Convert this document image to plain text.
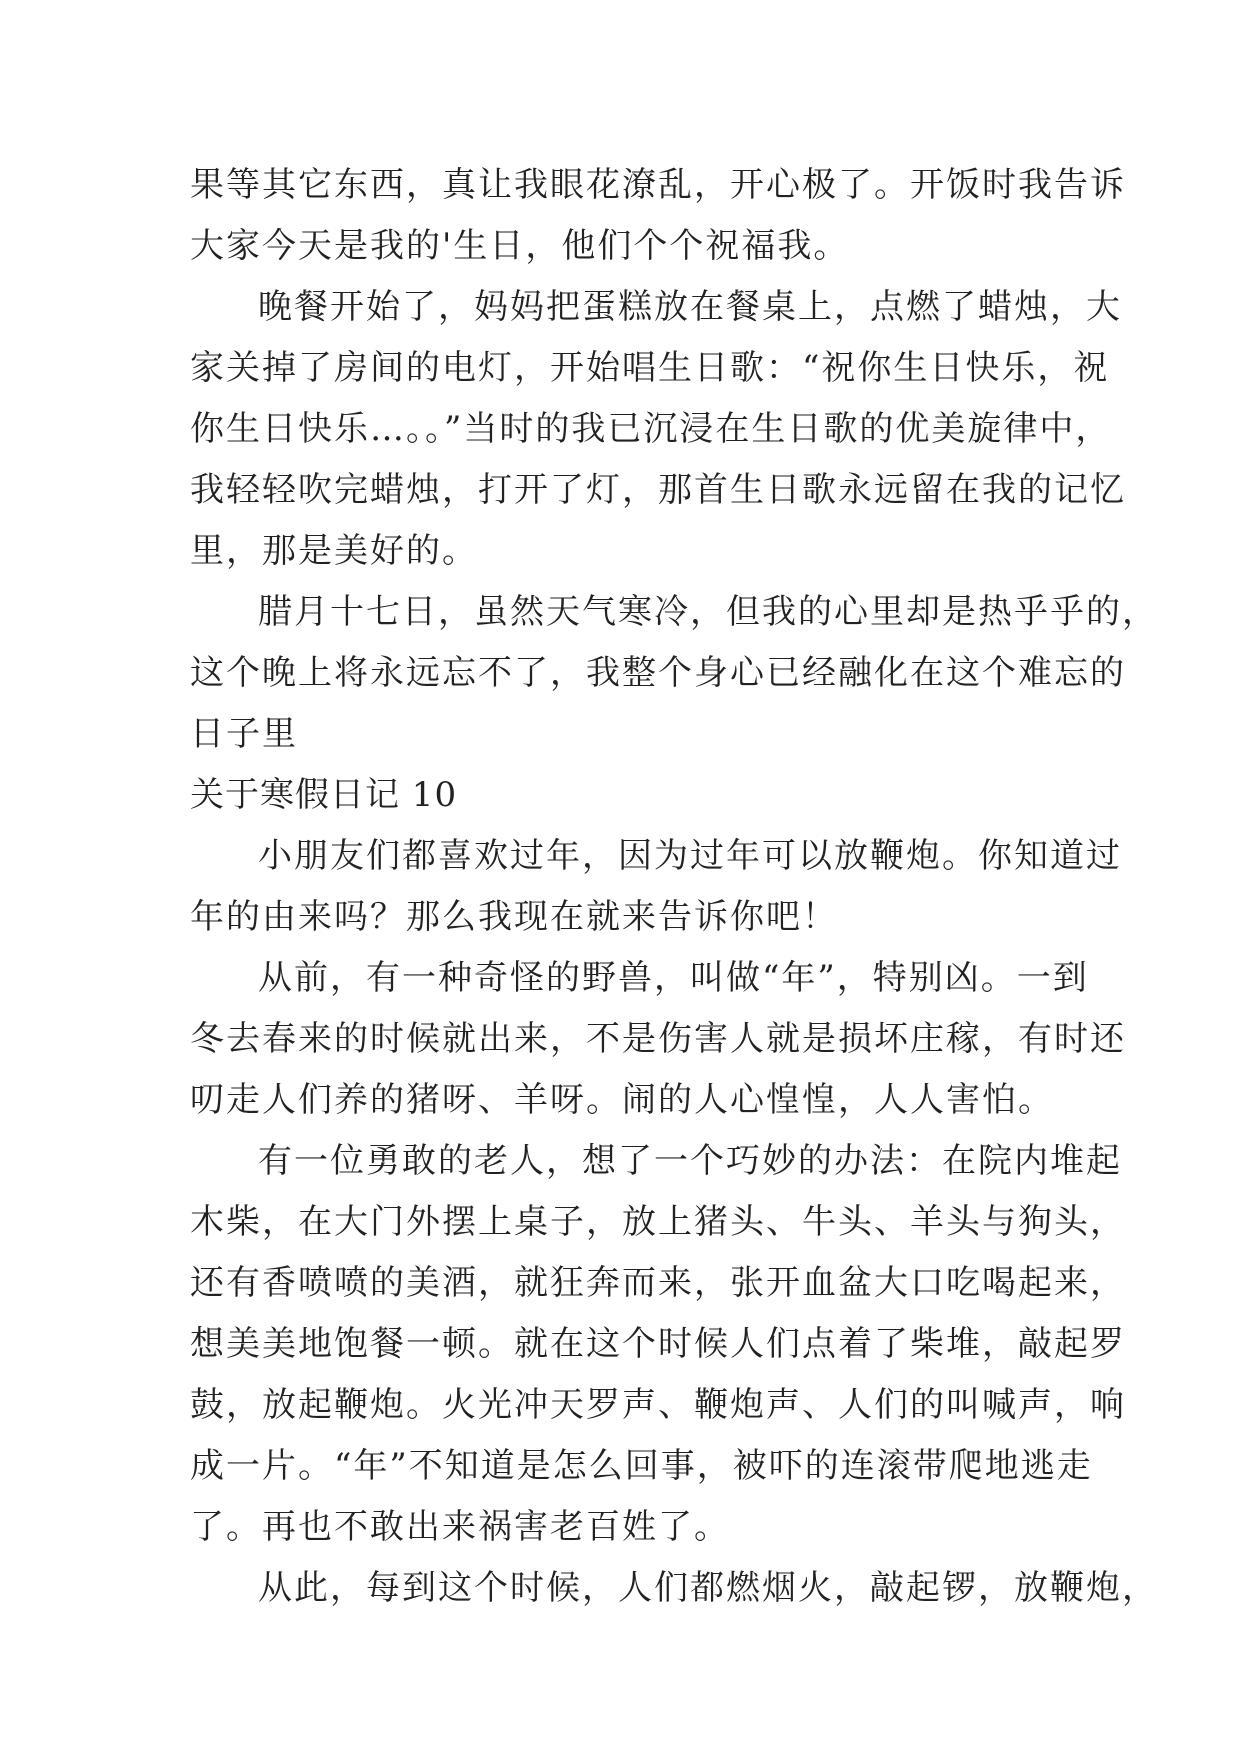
果等其它东西，真让我眼花潦乱，开心极了。开饭时我告诉
大家今天是我的'生日，他们个个祝福我。

晚餐开始了，妈妈把蛋糕放在餐桌上，点燃了蜡烛，大
家关掉了房间的电灯，开始唱生日歌：“祝你生日快乐，祝
你生日快乐…。。”当时的我已沉浸在生日歌的优美旋律中，
我轻轻吹完蜡烛，打开了灯，那首生日歌永远留在我的记忆
里，那是美好的。

腊月十七日，虽然天气寒冷，但我的心里却是热乎乎的，
这个晚上将永远忘不了，我整个身心已经融化在这个难忘的
日子里

关于寒假日记 10

小朋友们都喜欢过年，因为过年可以放鞭炮。你知道过
年的由来吗？那么我现在就来告诉你吧！

从前，有一种奇怪的野兽，叫做“年”，特别凶。一到
冬去春来的时候就出来，不是伤害人就是损坏庄稼，有时还
叨走人们养的猪呀、羊呀。闹的人心惶惶，人人害怕。

有一位勇敢的老人，想了一个巧妙的办法：在院内堆起
木柴，在大门外摆上桌子，放上猪头、牛头、羊头与狗头，
还有香喷喷的美酒，就狂奔而来，张开血盆大口吃喝起来，
想美美地饱餐一顿。就在这个时候人们点着了柴堆，敲起罗
鼓，放起鞭炮。火光冲天罗声、鞭炮声、人们的叫喊声，响
成一片。“年”不知道是怎么回事，被吓的连滚带爬地逃走
了。再也不敢出来祸害老百姓了。

从此，每到这个时候，人们都燃烟火，敲起锣，放鞭炮，
